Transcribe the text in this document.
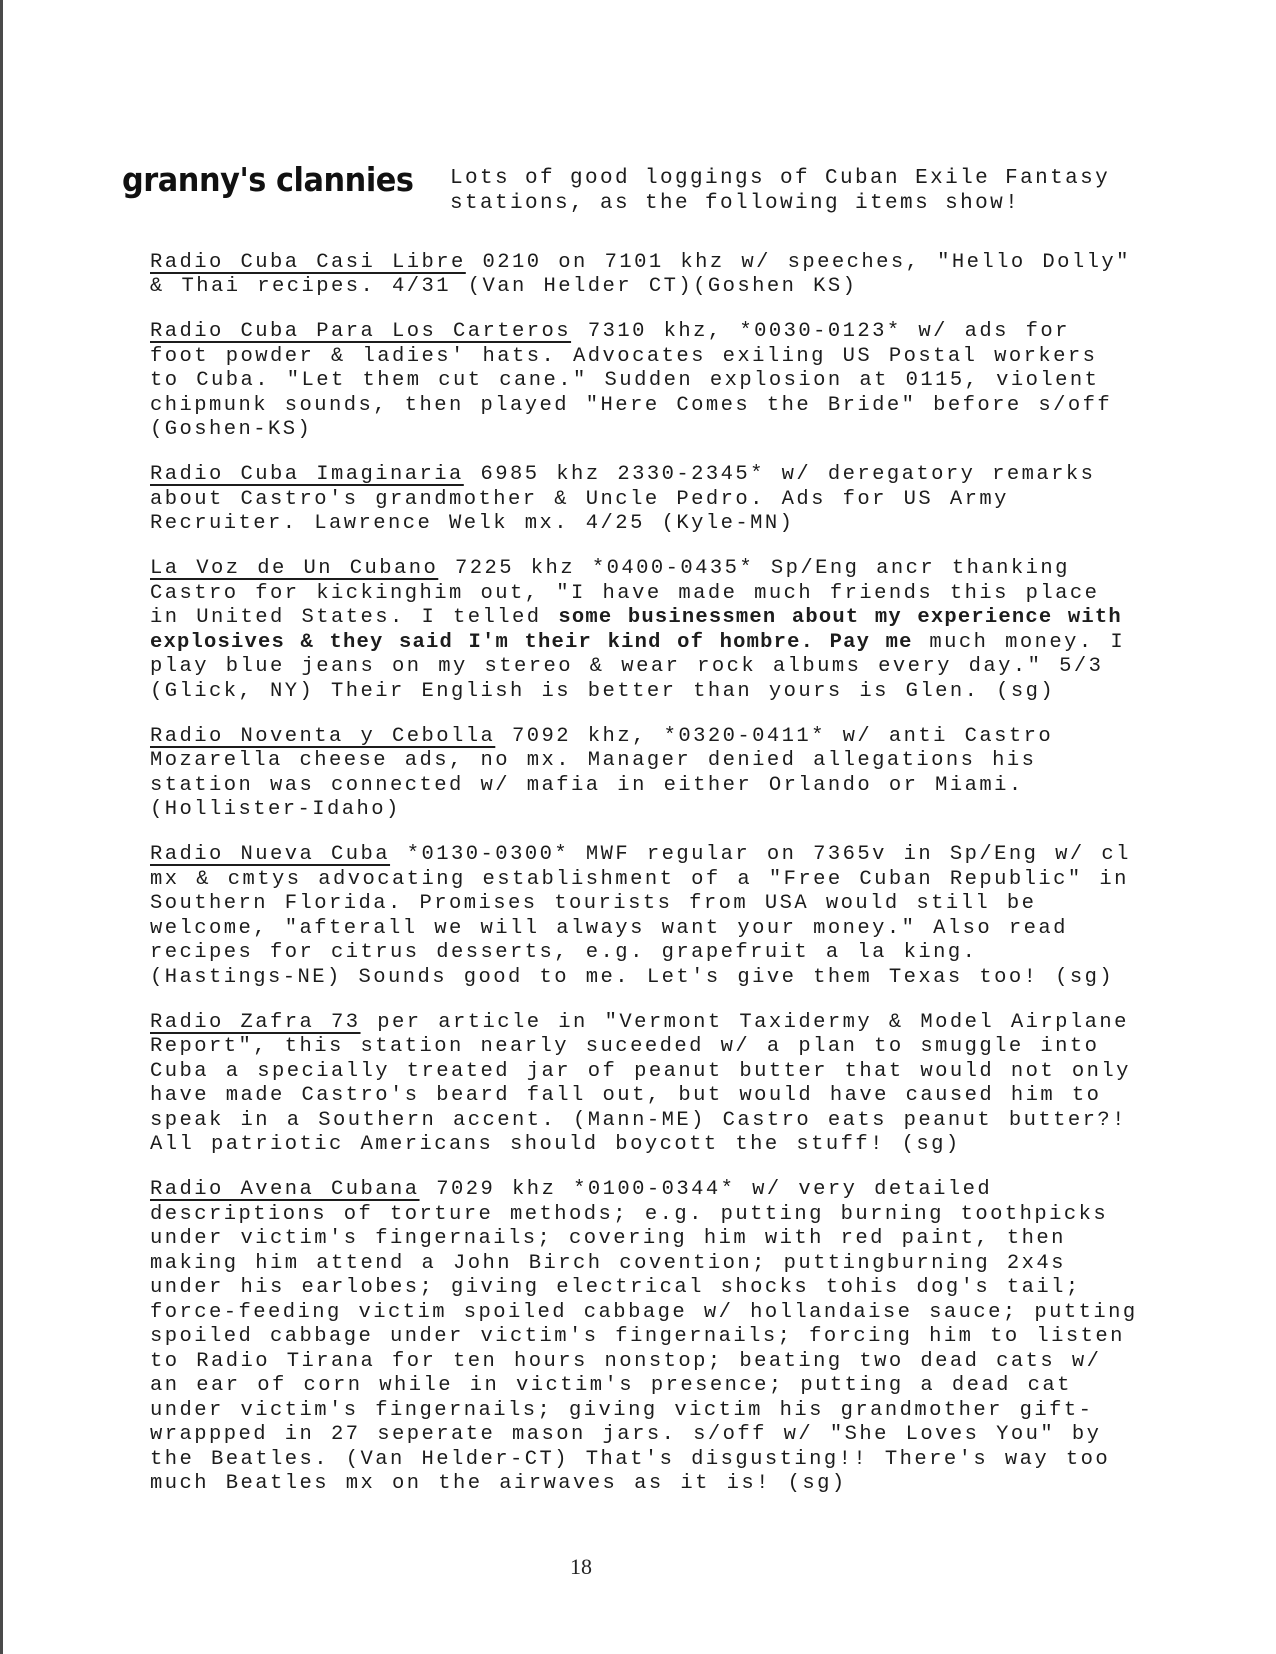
granny's clannies Lots of good loggings of Cuban Exile Fantasy
stations, as the following items show!

Radio Cuba Casi Libre 0210 on 7101 khz w/ speeches, "Hello Dolly" & Thai recipes. 4/31 (Van Helder CT)(Goshen KS)

Radio Cuba Para Los Carteros 7310 khz, *0030-0123* w/ ads for foot powder & ladies' hats. Advocates exiling US Postal workers to Cuba. "Let them cut cane." Sudden explosion at 0115, violent chipmunk sounds, then played "Here Comes the Bride" before s/off (Goshen-KS)

Radio Cuba Imaginaria 6985 khz 2330-2345* w/ deregatory remarks about Castro's grandmother & Uncle Pedro. Ads for US Army Recruiter. Lawrence Welk mx. 4/25 (Kyle-MN)

La Voz de Un Cubano 7225 khz *0400-0435* Sp/Eng ancr thanking Castro for kickinghim out, "I have made much friends this place in United States. I telled some businessmen about my experience with explosives & they said I'm their kind of hombre. Pay me much money. I play blue jeans on my stereo & wear rock albums every day." 5/3 (Glick, NY) Their English is better than yours is Glen. (sg)

Radio Noventa y Cebolla 7092 khz, *0320-0411* w/ anti Castro Mozarella cheese ads, no mx. Manager denied allegations his station was connected w/ mafia in either Orlando or Miami. (Hollister-Idaho)

Radio Nueva Cuba *0130-0300* MWF regular on 7365v in Sp/Eng w/ cl mx & cmtys advocating establishment of a "Free Cuban Republic" in Southern Florida. Promises tourists from USA would still be welcome, "afterall we will always want your money." Also read recipes for citrus desserts, e.g. grapefruit a la king. (Hastings-NE) Sounds good to me. Let's give them Texas too! (sg)

Radio Zafra 73 per article in "Vermont Taxidermy & Model Airplane Report", this station nearly suceeded w/ a plan to smuggle into Cuba a specially treated jar of peanut butter that would not only have made Castro's beard fall out, but would have caused him to speak in a Southern accent. (Mann-ME) Castro eats peanut butter?! All patriotic Americans should boycott the stuff! (sg)

Radio Avena Cubana 7029 khz *0100-0344* w/ very detailed descriptions of torture methods; e.g. putting burning toothpicks under victim's fingernails; covering him with red paint, then making him attend a John Birch covention; puttingburning 2x4s under his earlobes; giving electrical shocks tohis dog's tail; force-feeding victim spoiled cabbage w/ hollandaise sauce; putting spoiled cabbage under victim's fingernails; forcing him to listen to Radio Tirana for ten hours nonstop; beating two dead cats w/ an ear of corn while in victim's presence; putting a dead cat under victim's fingernails; giving victim his grandmother gift-wrappped in 27 seperate mason jars. s/off w/ "She Loves You" by the Beatles. (Van Helder-CT) That's disgusting!! There's way too much Beatles mx on the airwaves as it is! (sg)

18
